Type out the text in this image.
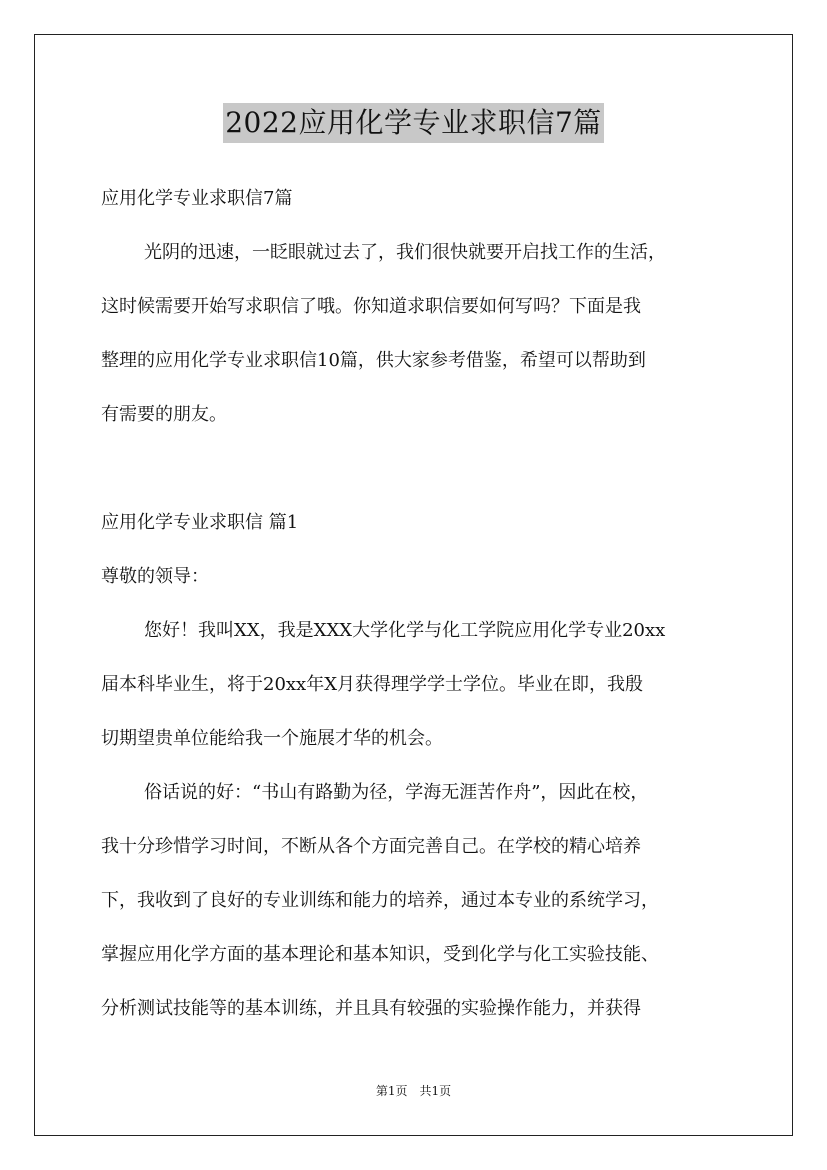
2022应用化学专业求职信7篇

应用化学专业求职信7篇

光阴的迅速，一眨眼就过去了，我们很快就要开启找工作的生活，

这时候需要开始写求职信了哦。你知道求职信要如何写吗？下面是我

整理的应用化学专业求职信10篇，供大家参考借鉴，希望可以帮助到

有需要的朋友。

应用化学专业求职信 篇1

尊敬的领导：

您好！我叫XX，我是XXX大学化学与化工学院应用化学专业20xx

届本科毕业生，将于20xx年X月获得理学学士学位。毕业在即，我殷

切期望贵单位能给我一个施展才华的机会。

俗话说的好：“书山有路勤为径，学海无涯苦作舟”，因此在校，

我十分珍惜学习时间，不断从各个方面完善自己。在学校的精心培养

下，我收到了良好的专业训练和能力的培养，通过本专业的系统学习，

掌握应用化学方面的基本理论和基本知识，受到化学与化工实验技能、

分析测试技能等的基本训练，并且具有较强的实验操作能力，并获得

第1页　共1页
